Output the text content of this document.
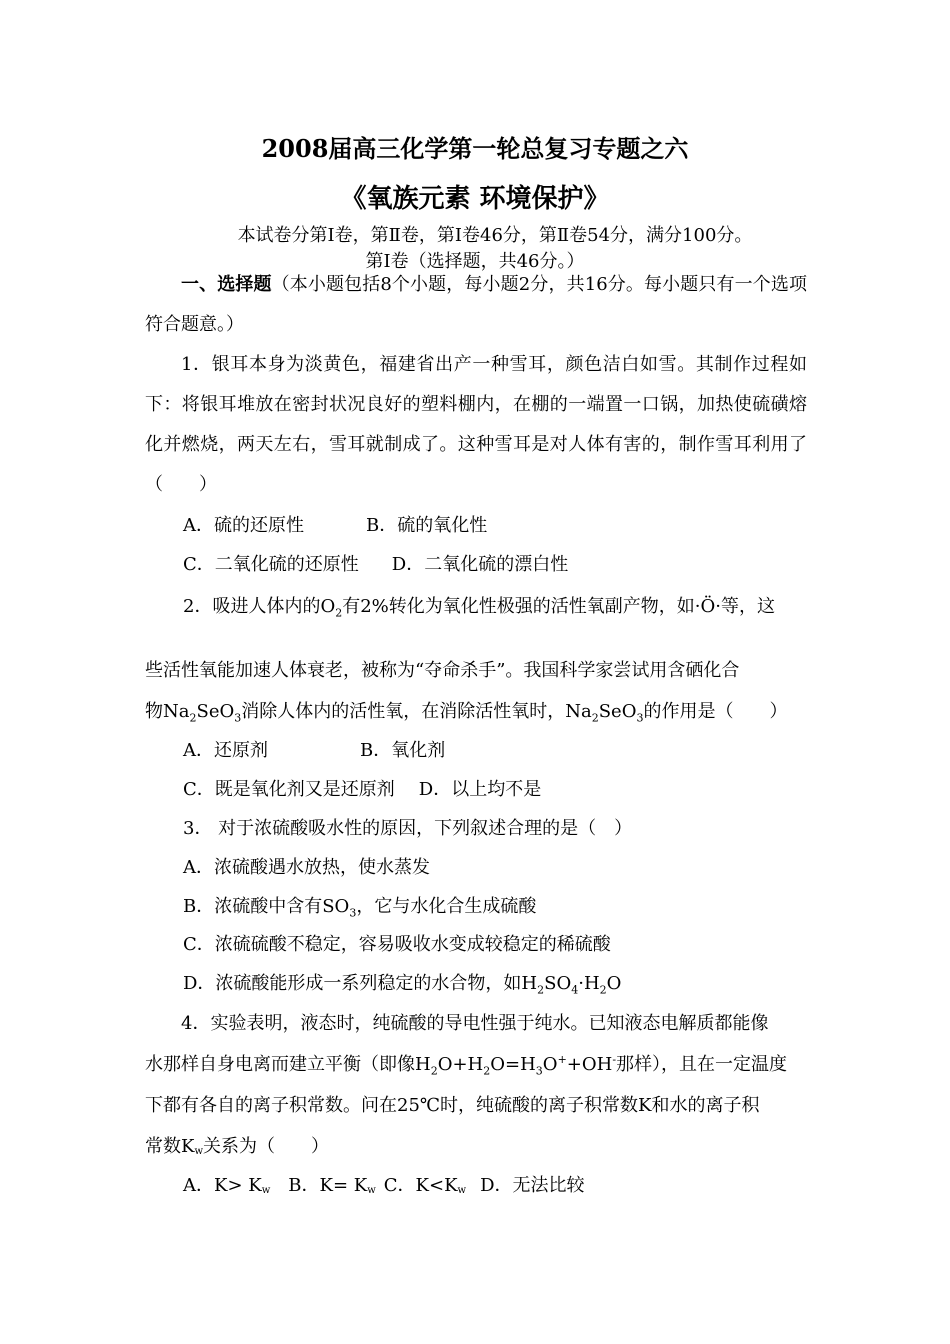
2008届高三化学第一轮总复习专题之六
《氧族元素 环境保护》
本试卷分第Ⅰ卷，第Ⅱ卷，第Ⅰ卷46分，第Ⅱ卷54分，满分100分。
第Ⅰ卷（选择题，共46分。）
一、选择题（本小题包括8个小题，每小题2分，共16分。每小题只有一个选项符合题意。）
1．银耳本身为淡黄色，福建省出产一种雪耳，颜色洁白如雪。其制作过程如下：将银耳堆放在密封状况良好的塑料棚内，在棚的一端置一口锅，加热使硫磺熔化并燃烧，两天左右，雪耳就制成了。这种雪耳是对人体有害的，制作雪耳利用了（　　）
A．硫的还原性	B．硫的氧化性
C．二氧化硫的还原性 D．二氧化硫的漂白性
2．吸进人体内的$O_2$有2%转化为氧化性极强的活性氧副产物，如·Ö·等，这
些活性氧能加速人体衰老，被称为“夺命杀手”。我国科学家尝试用含硒化合
物$Na_2SeO_3$消除人体内的活性氧，在消除活性氧时，$Na_2SeO_3$的作用是（　　）
A．还原剂	B．氧化剂
C．既是氧化剂又是还原剂 D．以上均不是
3． 对于浓硫酸吸水性的原因，下列叙述合理的是（　）
A．浓硫酸遇水放热，使水蒸发
B．浓硫酸中含有$SO_3$，它与水化合生成硫酸
C．浓硫硫酸不稳定，容易吸收水变成较稳定的稀硫酸
D．浓硫酸能形成一系列稳定的水合物，如$H_2SO_4\cdot H_2O$
4．实验表明，液态时，纯硫酸的导电性强于纯水。已知液态电解质都能像
水那样自身电离而建立平衡（即像$H_2O+H_2O=H_3O^++OH^-$那样），且在一定温度
下都有各自的离子积常数。问在25℃时，纯硫酸的离子积常数K和水的离子积
常数Kw关系为（　　）
A．K> Kw B．K= Kw C．K<Kw D．无法比较
